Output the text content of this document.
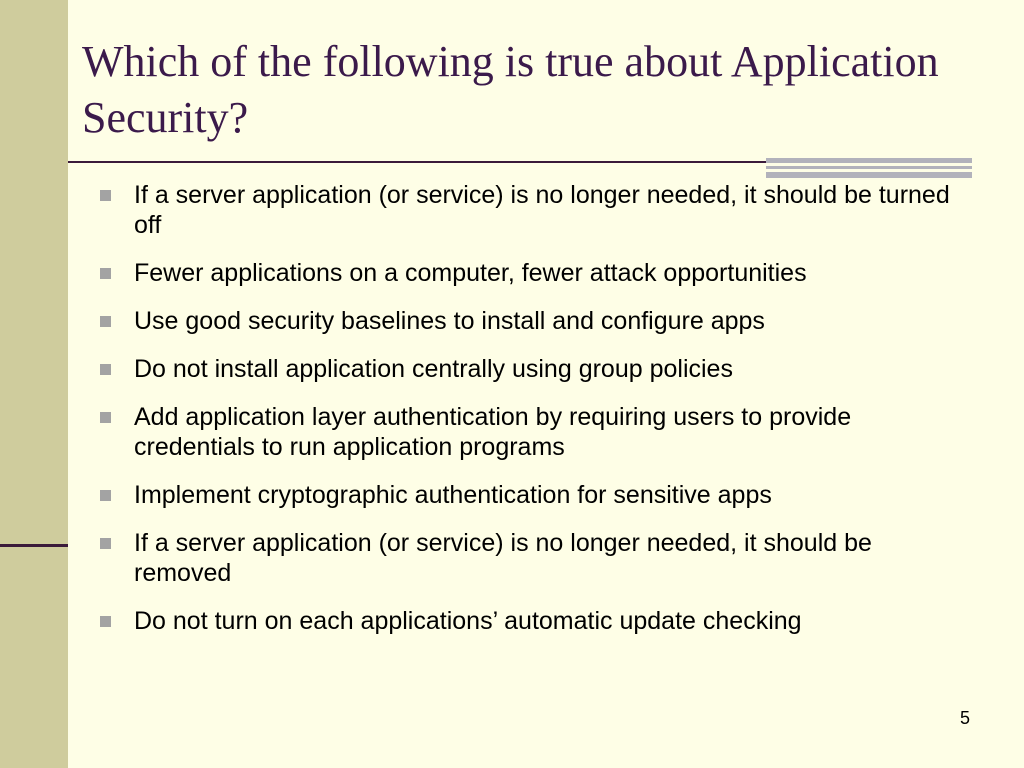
Which of the following is true about Application Security?
If a server application (or service) is no longer needed, it should be turned off
Fewer applications on a computer, fewer attack opportunities
Use good security baselines to install and configure apps
Do not install application centrally using group policies
Add application layer authentication by requiring users to provide credentials to run application programs
Implement cryptographic authentication for sensitive apps
If a server application (or service) is no longer needed, it should be removed
Do not turn on each applications’ automatic update checking
5
